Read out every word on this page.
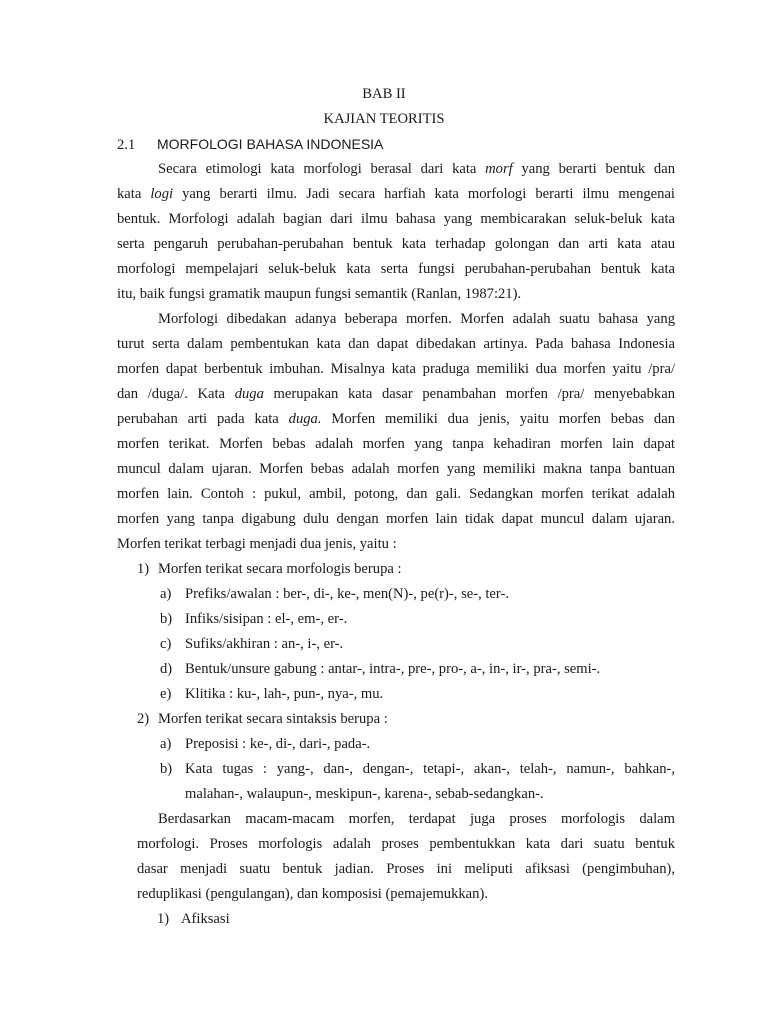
BAB II
KAJIAN TEORITIS
2.1 MORFOLOGI BAHASA INDONESIA
Secara etimologi kata morfologi berasal dari kata morf yang berarti bentuk dan
kata logi yang berarti ilmu. Jadi secara harfiah kata morfologi berarti ilmu mengenai
bentuk. Morfologi adalah bagian dari ilmu bahasa yang membicarakan seluk-beluk kata
serta pengaruh perubahan-perubahan bentuk kata terhadap golongan dan arti kata atau
morfologi mempelajari seluk-beluk kata serta fungsi perubahan-perubahan bentuk kata
itu, baik fungsi gramatik maupun fungsi semantik (Ranlan, 1987:21).
Morfologi dibedakan adanya beberapa morfen. Morfen adalah suatu bahasa yang
turut serta dalam pembentukan kata dan dapat dibedakan artinya. Pada bahasa Indonesia
morfen dapat berbentuk imbuhan. Misalnya kata praduga memiliki dua morfen yaitu /pra/
dan /duga/. Kata duga merupakan kata dasar penambahan morfen /pra/ menyebabkan
perubahan arti pada kata duga. Morfen memiliki dua jenis, yaitu morfen bebas dan
morfen terikat. Morfen bebas adalah morfen yang tanpa kehadiran morfen lain dapat
muncul dalam ujaran. Morfen bebas adalah morfen yang memiliki makna tanpa bantuan
morfen lain. Contoh : pukul, ambil, potong, dan gali. Sedangkan morfen terikat adalah
morfen yang tanpa digabung dulu dengan morfen lain tidak dapat muncul dalam ujaran.
Morfen terikat terbagi menjadi dua jenis, yaitu :
1) Morfen terikat secara morfologis berupa :
a) Prefiks/awalan : ber-, di-, ke-, men(N)-, pe(r)-, se-, ter-.
b) Infiks/sisipan : el-, em-, er-.
c) Sufiks/akhiran : an-, i-, er-.
d) Bentuk/unsure gabung : antar-, intra-, pre-, pro-, a-, in-, ir-, pra-, semi-.
e) Klitika : ku-, lah-, pun-, nya-, mu.
2) Morfen terikat secara sintaksis berupa :
a) Preposisi : ke-, di-, dari-, pada-.
b) Kata tugas : yang-, dan-, dengan-, tetapi-, akan-, telah-, namun-, bahkan-,
malahan-, walaupun-, meskipun-, karena-, sebab-sedangkan-.
Berdasarkan macam-macam morfen, terdapat juga proses morfologis dalam
morfologi. Proses morfologis adalah proses pembentukkan kata dari suatu bentuk
dasar menjadi suatu bentuk jadian. Proses ini meliputi afiksasi (pengimbuhan),
reduplikasi (pengulangan), dan komposisi (pemajemukkan).
1) Afiksasi
